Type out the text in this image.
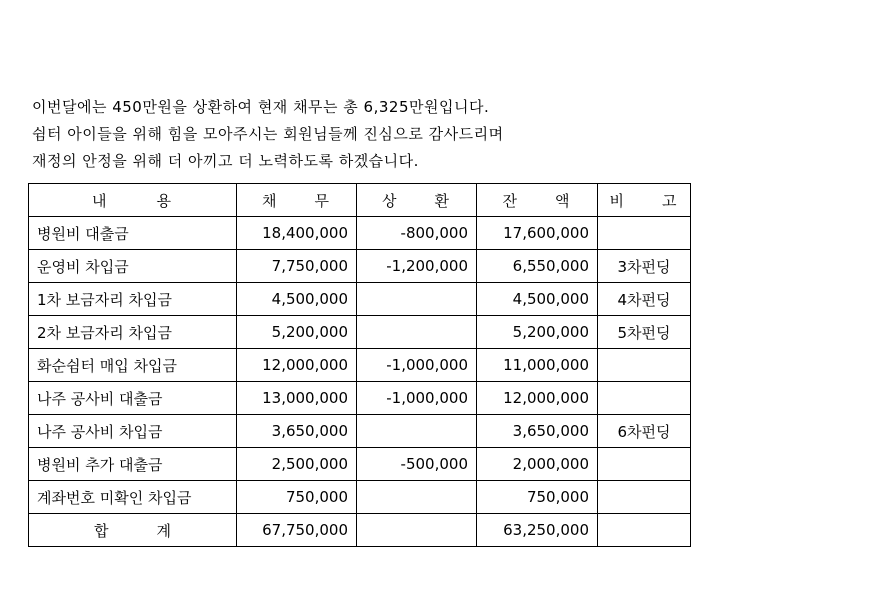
이번달에는 450만원을 상환하여 현재 채무는 총 6,325만원입니다.

쉼터 아이들을 위해 힘을 모아주시는 회원님들께 진심으로 감사드리며

재정의 안정을 위해 더 아끼고 더 노력하도록 하겠습니다.

내 용	채 무	상 환	잔 액	비 고
병원비 대출금	18,400,000	-800,000	17,600,000	
운영비 차입금	7,750,000	-1,200,000	6,550,000	3차펀딩
1차 보금자리 차입금	4,500,000		4,500,000	4차펀딩
2차 보금자리 차입금	5,200,000		5,200,000	5차펀딩
화순쉼터 매입 차입금	12,000,000	-1,000,000	11,000,000	
나주 공사비 대출금	13,000,000	-1,000,000	12,000,000	
나주 공사비 차입금	3,650,000		3,650,000	6차펀딩
병원비 추가 대출금	2,500,000	-500,000	2,000,000	
계좌번호 미확인 차입금	750,000		750,000	
합 계	67,750,000		63,250,000	
